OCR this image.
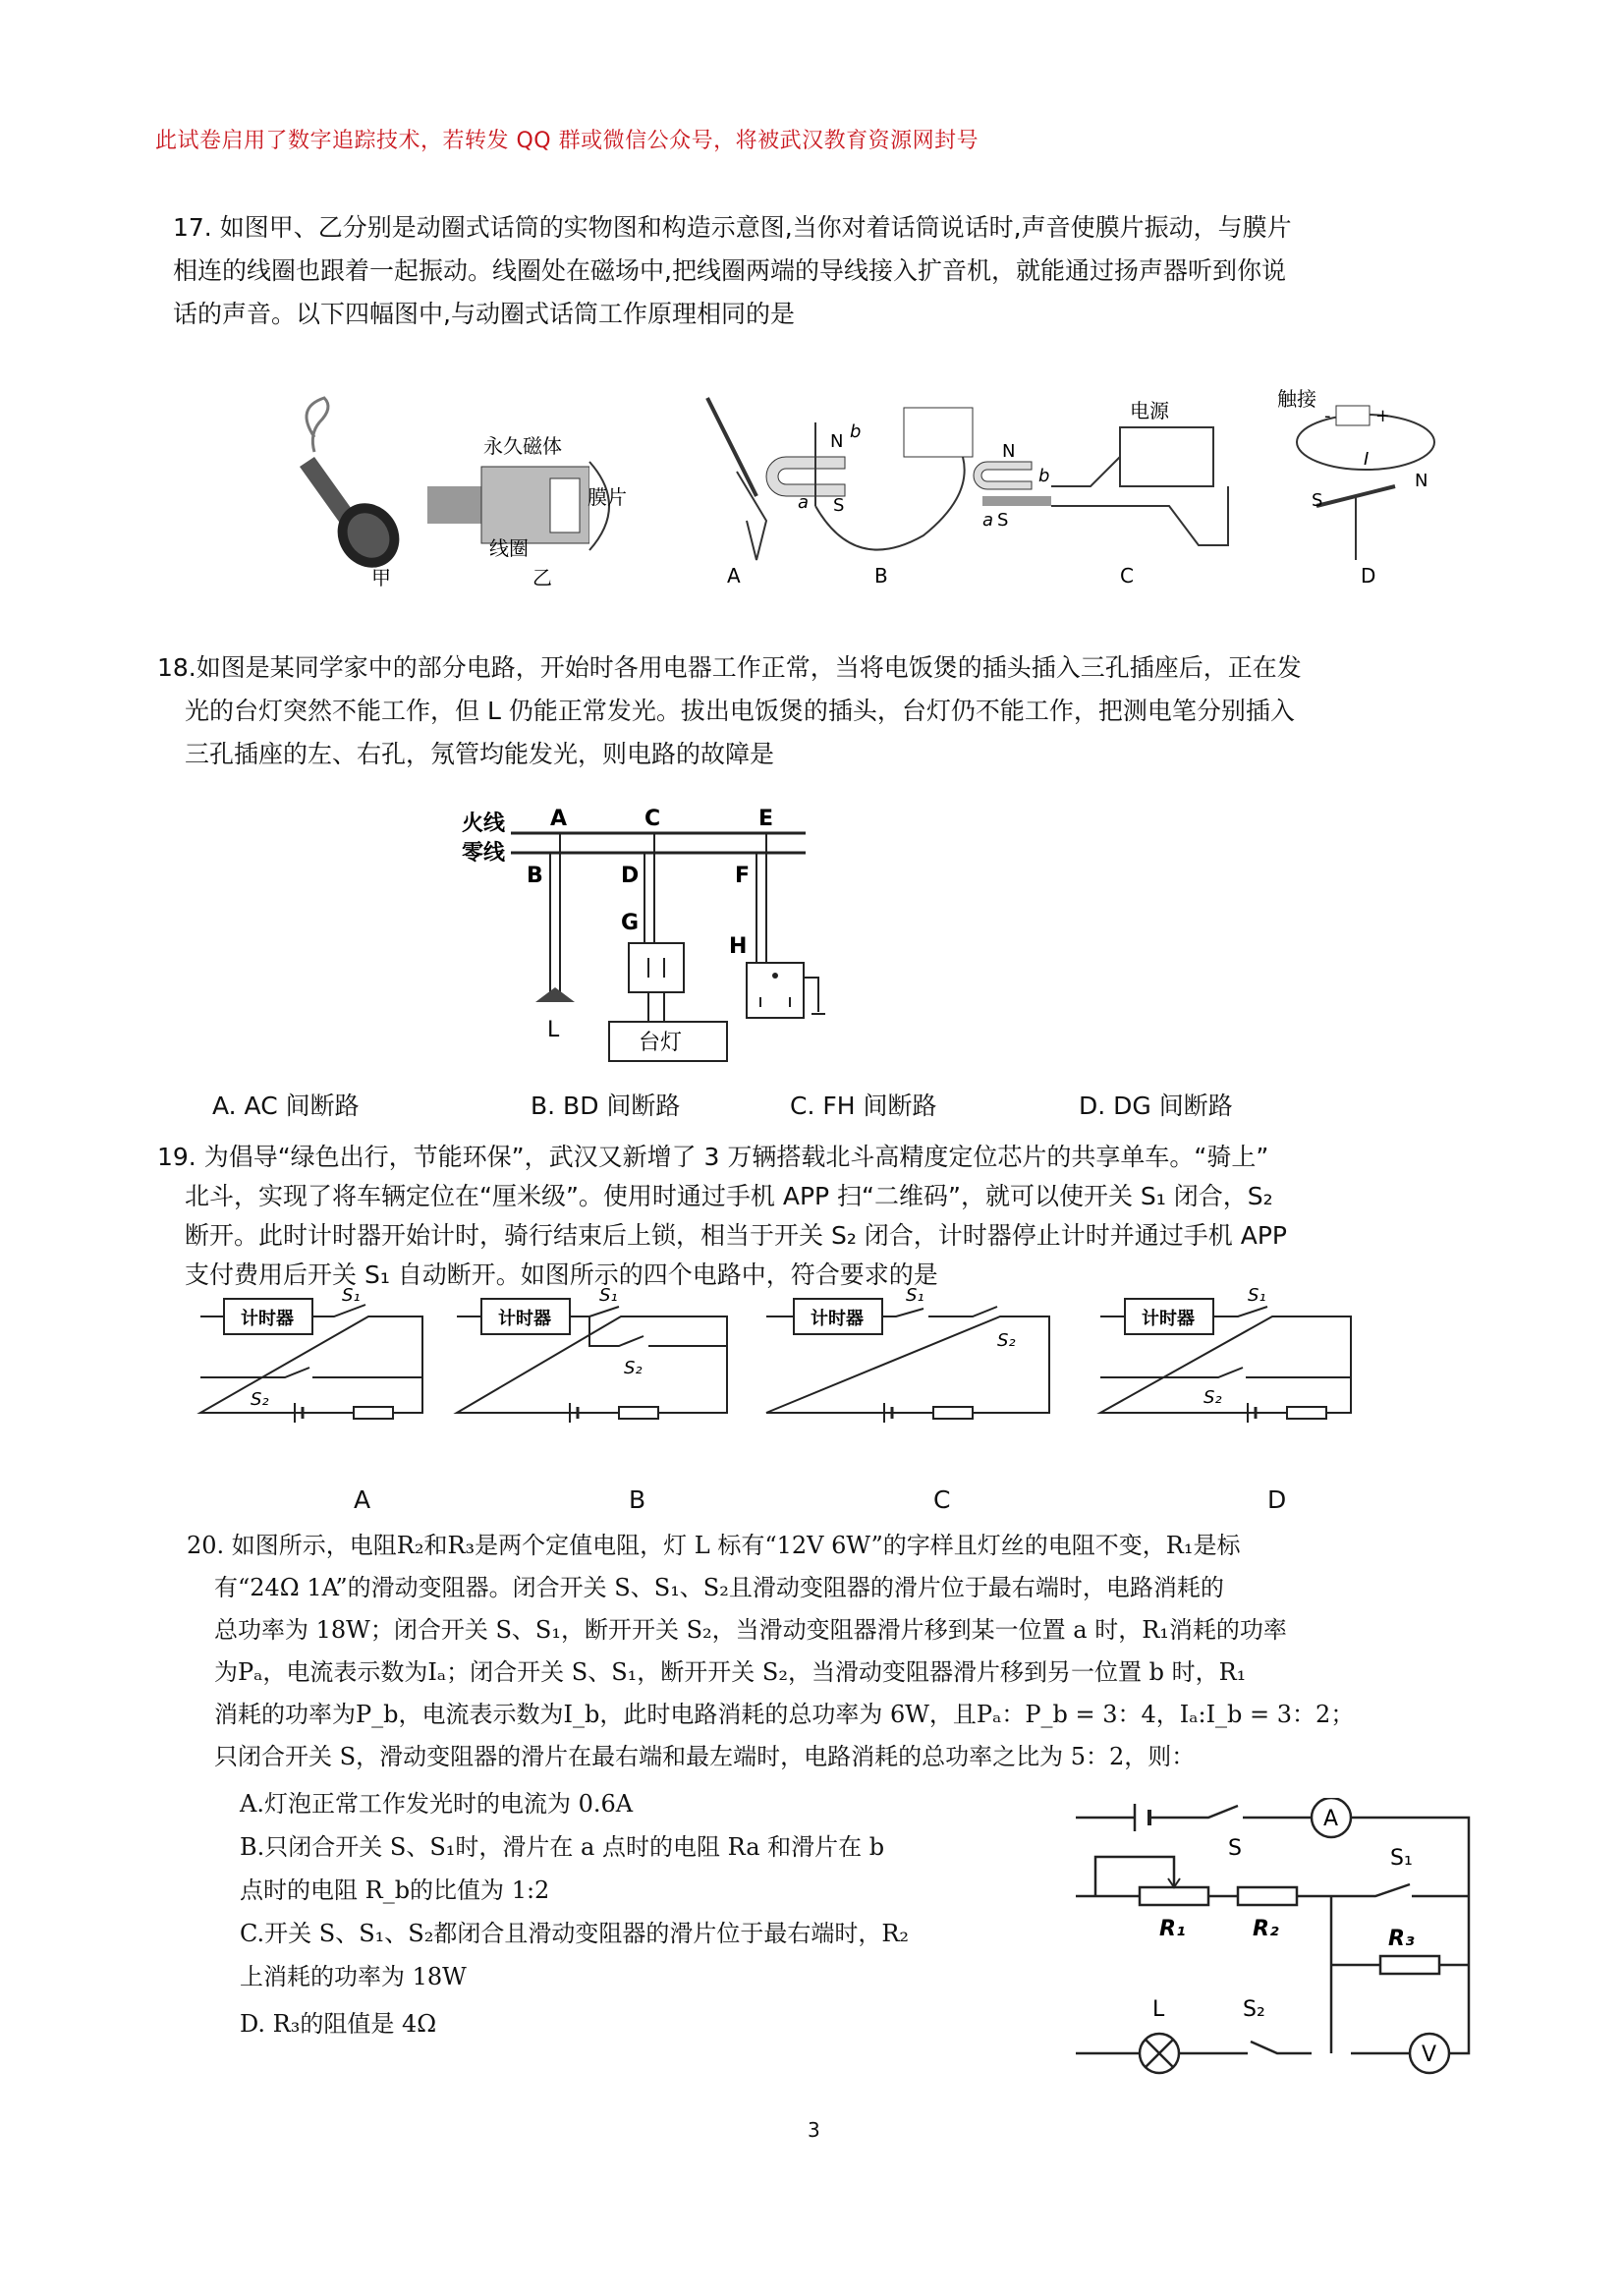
此试卷启用了数字追踪技术，若转发 QQ 群或微信公众号，将被武汉教育资源网封号
17. 如图甲、乙分别是动圈式话筒的实物图和构造示意图,当你对着话筒说话时,声音使膜片振动，与膜片
相连的线圈也跟着一起振动。线圈处在磁场中,把线圈两端的导线接入扩音机，就能通过扬声器听到你说
话的声音。以下四幅图中,与动圈式话筒工作原理相同的是
甲
永久磁体
膜片
线圈
乙	A
N
S
a
b
B
电源
N
S
a
b
C
触接
-	+
I
S
N
D
18.如图是某同学家中的部分电路，开始时各用电器工作正常，当将电饭煲的插头插入三孔插座后，正在发
光的台灯突然不能工作，但 L 仍能正常发光。拔出电饭煲的插头，台灯仍不能工作，把测电笔分别插入
三孔插座的左、右孔，氖管均能发光，则电路的故障是
火线
零线
A	C	E
B	D	F
G
H
L
台灯
A. AC 间断路	B. BD 间断路	C. FH 间断路	D. DG 间断路
19. 为倡导“绿色出行，节能环保”，武汉又新增了 3 万辆搭载北斗高精度定位芯片的共享单车。“骑上”
北斗，实现了将车辆定位在“厘米级”。使用时通过手机 APP 扫“二维码”，就可以使开关 S₁ 闭合，S₂
断开。此时计时器开始计时，骑行结束后上锁，相当于开关 S₂ 闭合，计时器停止计时并通过手机 APP
支付费用后开关 S₁ 自动断开。如图所示的四个电路中，符合要求的是
计时器
S₁
S₂
计时器
S₁
S₂
计时器
S₁
S₂
计时器
S₁
S₂
A	B	C	D
20. 如图所示，电阻R₂和R₃是两个定值电阻，灯 L 标有“12V 6W”的字样且灯丝的电阻不变，R₁是标
有“24Ω 1A”的滑动变阻器。闭合开关 S、S₁、S₂且滑动变阻器的滑片位于最右端时，电路消耗的
总功率为 18W；闭合开关 S、S₁，断开开关 S₂，当滑动变阻器滑片移到某一位置 a 时，R₁消耗的功率
为Pₐ，电流表示数为Iₐ；闭合开关 S、S₁，断开开关 S₂，当滑动变阻器滑片移到另一位置 b 时，R₁
消耗的功率为P_b，电流表示数为I_b，此时电路消耗的总功率为 6W，且Pₐ：P_b = 3：4，Iₐ:I_b = 3：2；
只闭合开关 S，滑动变阻器的滑片在最右端和最左端时，电路消耗的总功率之比为 5：2，则：
A.灯泡正常工作发光时的电流为 0.6A
B.只闭合开关 S、S₁时，滑片在 a 点时的电阻 Ra 和滑片在 b
点时的电阻 R_b的比值为 1:2
C.开关 S、S₁、S₂都闭合且滑动变阻器的滑片位于最右端时，R₂
上消耗的功率为 18W
D. R₃的阻值是 4Ω
A
S
R₁	R₂
S₁
R₃
V
L	S₂
3
